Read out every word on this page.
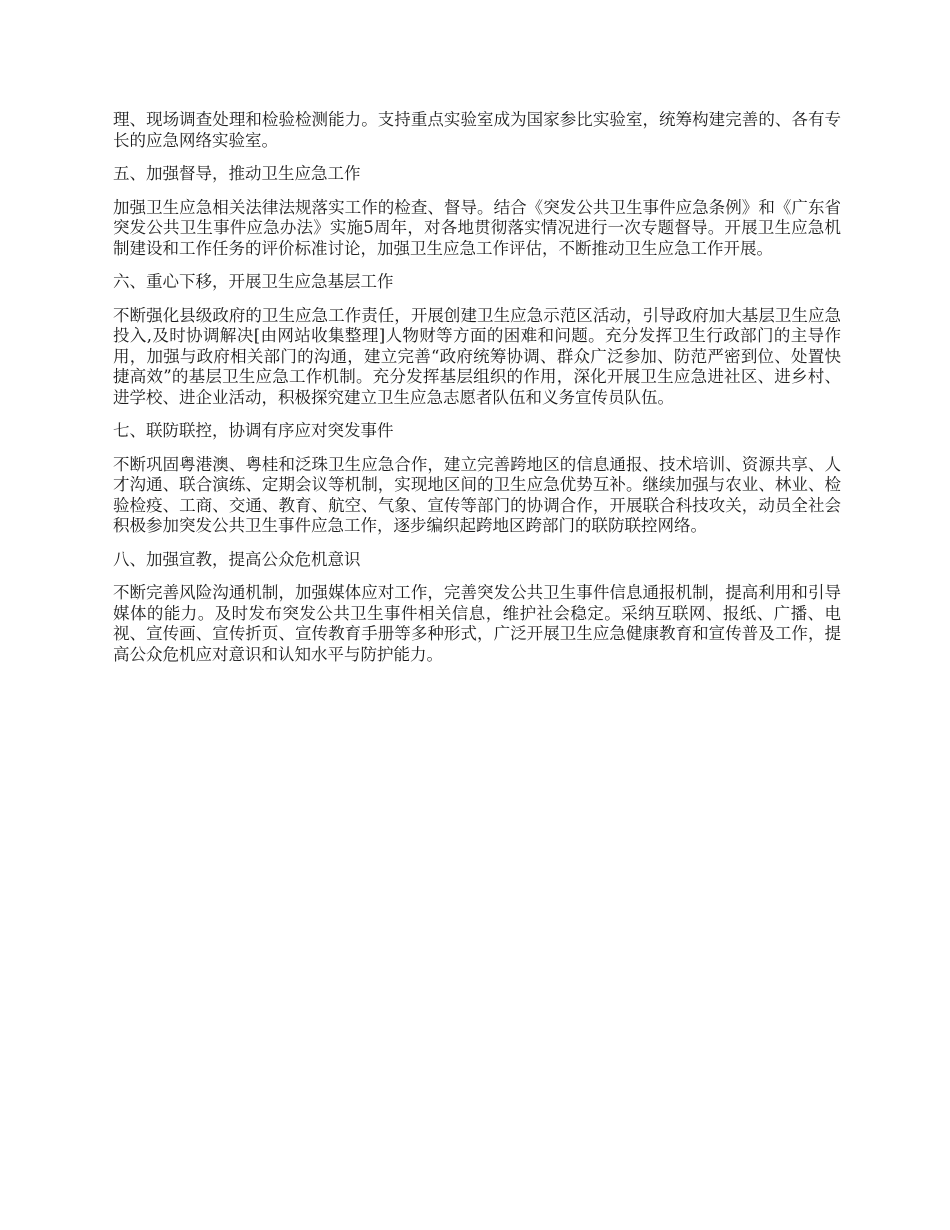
理、现场调查处理和检验检测能力。支持重点实验室成为国家参比实验室，统筹构建完善的、各有专长的应急网络实验室。

五、加强督导，推动卫生应急工作

加强卫生应急相关法律法规落实工作的检查、督导。结合《突发公共卫生事件应急条例》和《广东省突发公共卫生事件应急办法》实施5周年，对各地贯彻落实情况进行一次专题督导。开展卫生应急机制建设和工作任务的评价标准讨论，加强卫生应急工作评估，不断推动卫生应急工作开展。

六、重心下移，开展卫生应急基层工作

不断强化县级政府的卫生应急工作责任，开展创建卫生应急示范区活动，引导政府加大基层卫生应急投入,及时协调解决[由网站收集整理]人物财等方面的困难和问题。充分发挥卫生行政部门的主导作用，加强与政府相关部门的沟通，建立完善“政府统筹协调、群众广泛参加、防范严密到位、处置快捷高效”的基层卫生应急工作机制。充分发挥基层组织的作用，深化开展卫生应急进社区、进乡村、进学校、进企业活动，积极探究建立卫生应急志愿者队伍和义务宣传员队伍。

七、联防联控，协调有序应对突发事件

不断巩固粤港澳、粤桂和泛珠卫生应急合作，建立完善跨地区的信息通报、技术培训、资源共享、人才沟通、联合演练、定期会议等机制，实现地区间的卫生应急优势互补。继续加强与农业、林业、检验检疫、工商、交通、教育、航空、气象、宣传等部门的协调合作，开展联合科技攻关，动员全社会积极参加突发公共卫生事件应急工作，逐步编织起跨地区跨部门的联防联控网络。

八、加强宣教，提高公众危机意识

不断完善风险沟通机制，加强媒体应对工作，完善突发公共卫生事件信息通报机制，提高利用和引导媒体的能力。及时发布突发公共卫生事件相关信息，维护社会稳定。采纳互联网、报纸、广播、电视、宣传画、宣传折页、宣传教育手册等多种形式，广泛开展卫生应急健康教育和宣传普及工作，提高公众危机应对意识和认知水平与防护能力。
